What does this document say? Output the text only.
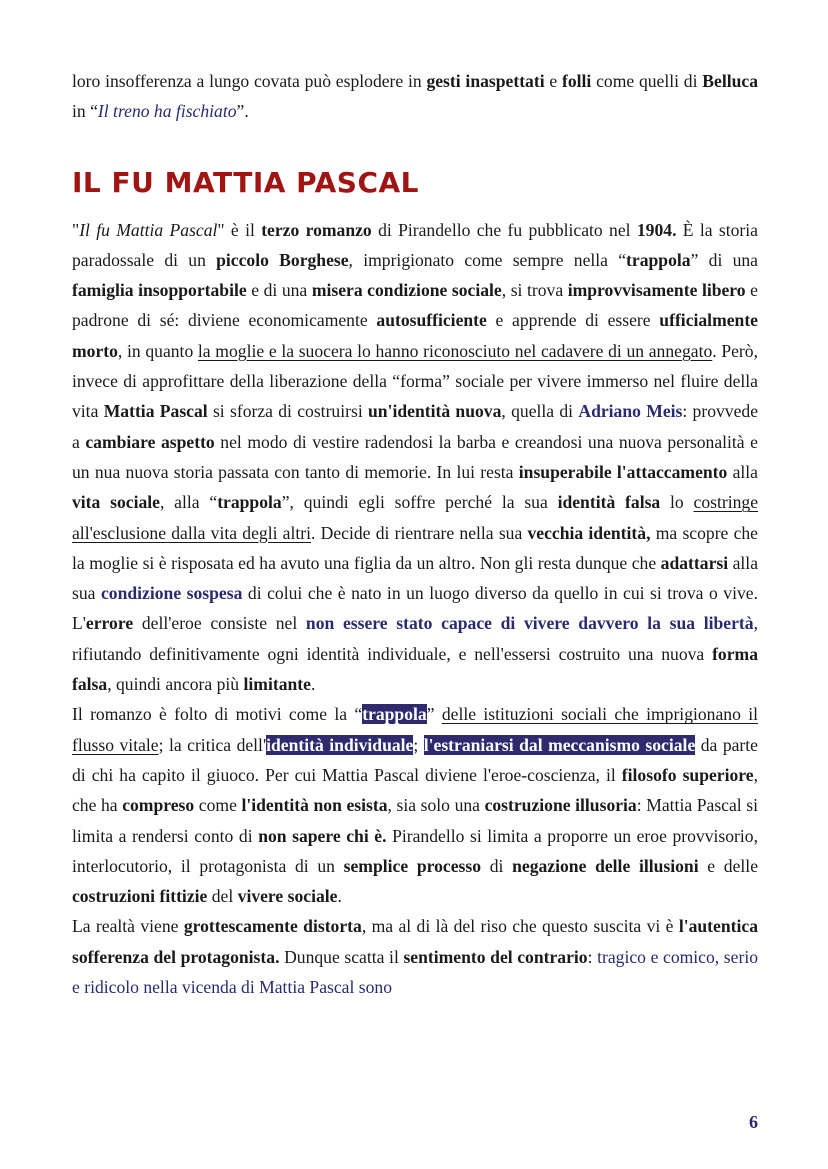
loro insofferenza a lungo covata può esplodere in gesti inaspettati e folli come quelli di Belluca in “Il treno ha fischiato”.

IL FU MATTIA PASCAL

"Il fu Mattia Pascal" è il terzo romanzo di Pirandello che fu pubblicato nel 1904. È la storia paradossale di un piccolo Borghese, imprigionato come sempre nella “trappola” di una famiglia insopportabile e di una misera condizione sociale, si trova improvvisamente libero e padrone di sé: diviene economicamente autosufficiente e apprende di essere ufficialmente morto, in quanto la moglie e la suocera lo hanno riconosciuto nel cadavere di un annegato. Però, invece di approfittare della liberazione della “forma” sociale per vivere immerso nel fluire della vita Mattia Pascal si sforza di costruirsi un'identità nuova, quella di Adriano Meis: provvede a cambiare aspetto nel modo di vestire radendosi la barba e creandosi una nuova personalità e un nua nuova storia passata con tanto di memorie. In lui resta insuperabile l'attaccamento alla vita sociale, alla “trappola”, quindi egli soffre perché la sua identità falsa lo costringe all'esclusione dalla vita degli altri. Decide di rientrare nella sua vecchia identità, ma scopre che la moglie si è risposata ed ha avuto una figlia da un altro. Non gli resta dunque che adattarsi alla sua condizione sospesa di colui che è nato in un luogo diverso da quello in cui si trova o vive. L'errore dell'eroe consiste nel non essere stato capace di vivere davvero la sua libertà, rifiutando definitivamente ogni identità individuale, e nell'essersi costruito una nuova forma falsa, quindi ancora più limitante.

Il romanzo è folto di motivi come la “trappola” delle istituzioni sociali che imprigionano il flusso vitale; la critica dell'identità individuale; l'estraniarsi dal meccanismo sociale da parte di chi ha capito il giuoco. Per cui Mattia Pascal diviene l'eroe-coscienza, il filosofo superiore, che ha compreso come l'identità non esista, sia solo una costruzione illusoria: Mattia Pascal si limita a rendersi conto di non sapere chi è. Pirandello si limita a proporre un eroe provvisorio, interlocutorio, il protagonista di un semplice processo di negazione delle illusioni e delle costruzioni fittizie del vivere sociale.

La realtà viene grottescamente distorta, ma al di là del riso che questo suscita vi è l'autentica sofferenza del protagonista. Dunque scatta il sentimento del contrario: tragico e comico, serio e ridicolo nella vicenda di Mattia Pascal sono

6
